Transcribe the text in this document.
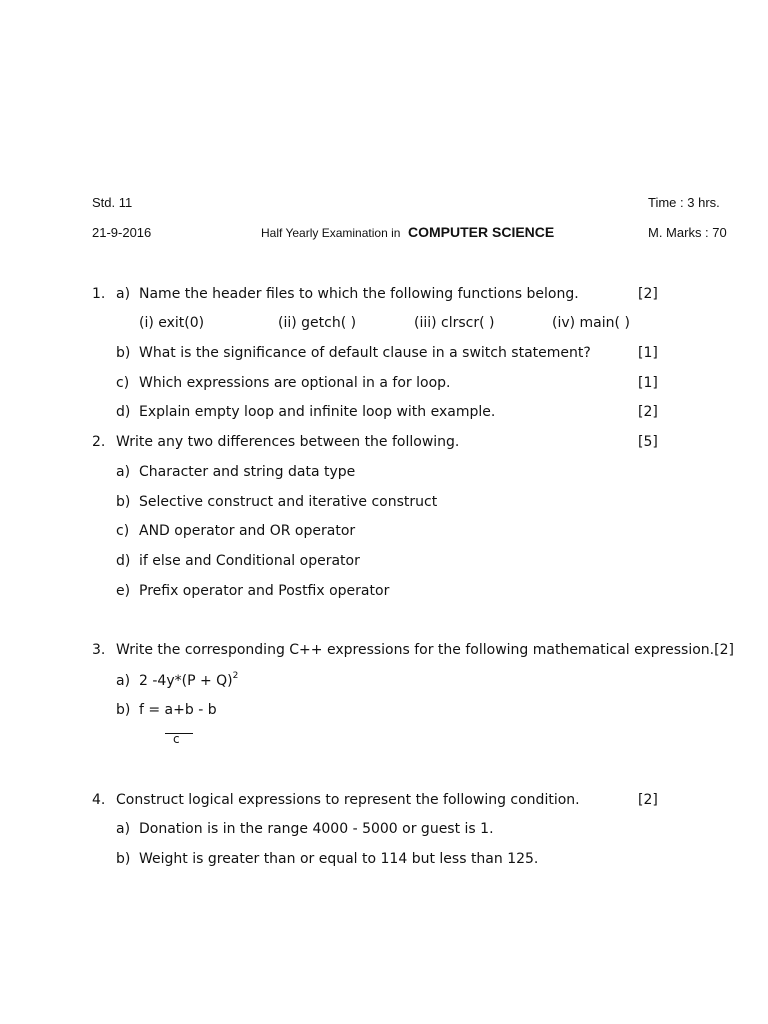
Std. 11	Time : 3 hrs.
21-9-2016	Half Yearly Examination in COMPUTER SCIENCE	M. Marks : 70
1. a) Name the header files to which the following functions belong.	[2]
(i) exit(0)	(ii) getch( )	(iii) clrscr( )	(iv) main( )
b) What is the significance of default clause in a switch statement?	[1]
c) Which expressions are optional in a for loop.	[1]
d) Explain empty loop and infinite loop with example.	[2]
2. Write any two differences between the following.	[5]
a) Character and string data type
b) Selective construct and iterative construct
c) AND operator and OR operator
d) if else and Conditional operator
e) Prefix operator and Postfix operator
3. Write the corresponding C++ expressions for the following mathematical expression.[2]
a) 2 $-4y*(P + Q)^2$
b) f = a+b - b
c
4. Construct logical expressions to represent the following condition.	[2]
a) Donation is in the range 4000 - 5000 or guest is 1.
b) Weight is greater than or equal to 114 but less than 125.
